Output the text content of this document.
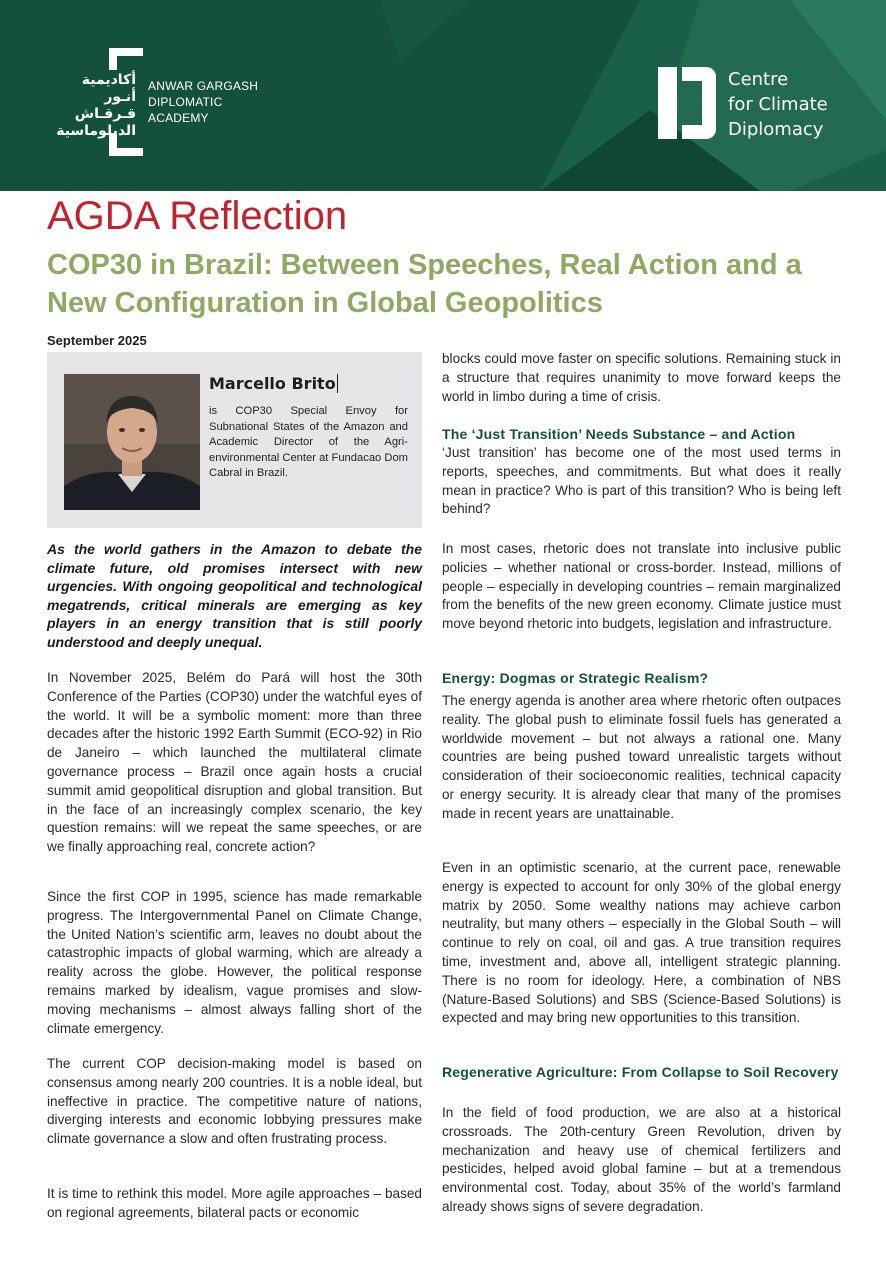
أكاديمية
أنـور قـرقـاش
الدبلوماسية
ANWAR GARGASH
DIPLOMATIC
ACADEMY
Centre
for Climate
Diplomacy
AGDA Reflection
COP30 in Brazil: Between Speeches, Real Action and a New Configuration in Global Geopolitics
September 2025
Marcello Brito
is COP30 Special Envoy for Subnational States of the Amazon and Academic Director of the Agri-environmental Center at Fundacao Dom Cabral in Brazil.

As the world gathers in the Amazon to debate the climate future, old promises intersect with new urgencies. With ongoing geopolitical and technological megatrends, critical minerals are emerging as key players in an energy transition that is still poorly understood and deeply unequal.

In November 2025, Belém do Pará will host the 30th Conference of the Parties (COP30) under the watchful eyes of the world. It will be a symbolic moment: more than three decades after the historic 1992 Earth Summit (ECO-92) in Rio de Janeiro – which launched the multilateral climate governance process – Brazil once again hosts a crucial summit amid geopolitical disruption and global transition. But in the face of an increasingly complex scenario, the key question remains: will we repeat the same speeches, or are we finally approaching real, concrete action?

Since the first COP in 1995, science has made remarkable progress. The Intergovernmental Panel on Climate Change, the United Nation’s scientific arm, leaves no doubt about the catastrophic impacts of global warming, which are already a reality across the globe. However, the political response remains marked by idealism, vague promises and slow-moving mechanisms – almost always falling short of the climate emergency.

The current COP decision-making model is based on consensus among nearly 200 countries. It is a noble ideal, but ineffective in practice. The competitive nature of nations, diverging interests and economic lobbying pressures make climate governance a slow and often frustrating process.

It is time to rethink this model. More agile approaches – based on regional agreements, bilateral pacts or economic

blocks could move faster on specific solutions. Remaining stuck in a structure that requires unanimity to move forward keeps the world in limbo during a time of crisis.

The ‘Just Transition’ Needs Substance – and Action

‘Just transition’ has become one of the most used terms in reports, speeches, and commitments. But what does it really mean in practice? Who is part of this transition? Who is being left behind?

In most cases, rhetoric does not translate into inclusive public policies – whether national or cross-border. Instead, millions of people – especially in developing countries – remain marginalized from the benefits of the new green economy. Climate justice must move beyond rhetoric into budgets, legislation and infrastructure.

Energy: Dogmas or Strategic Realism?

The energy agenda is another area where rhetoric often outpaces reality. The global push to eliminate fossil fuels has generated a worldwide movement – but not always a rational one. Many countries are being pushed toward unrealistic targets without consideration of their socioeconomic realities, technical capacity or energy security. It is already clear that many of the promises made in recent years are unattainable.

Even in an optimistic scenario, at the current pace, renewable energy is expected to account for only 30% of the global energy matrix by 2050. Some wealthy nations may achieve carbon neutrality, but many others – especially in the Global South – will continue to rely on coal, oil and gas. A true transition requires time, investment and, above all, intelligent strategic planning. There is no room for ideology. Here, a combination of NBS (Nature-Based Solutions) and SBS (Science-Based Solutions) is expected and may bring new opportunities to this transition.

Regenerative Agriculture: From Collapse to Soil Recovery

In the field of food production, we are also at a historical crossroads. The 20th-century Green Revolution, driven by mechanization and heavy use of chemical fertilizers and pesticides, helped avoid global famine – but at a tremendous environmental cost. Today, about 35% of the world’s farmland already shows signs of severe degradation.
